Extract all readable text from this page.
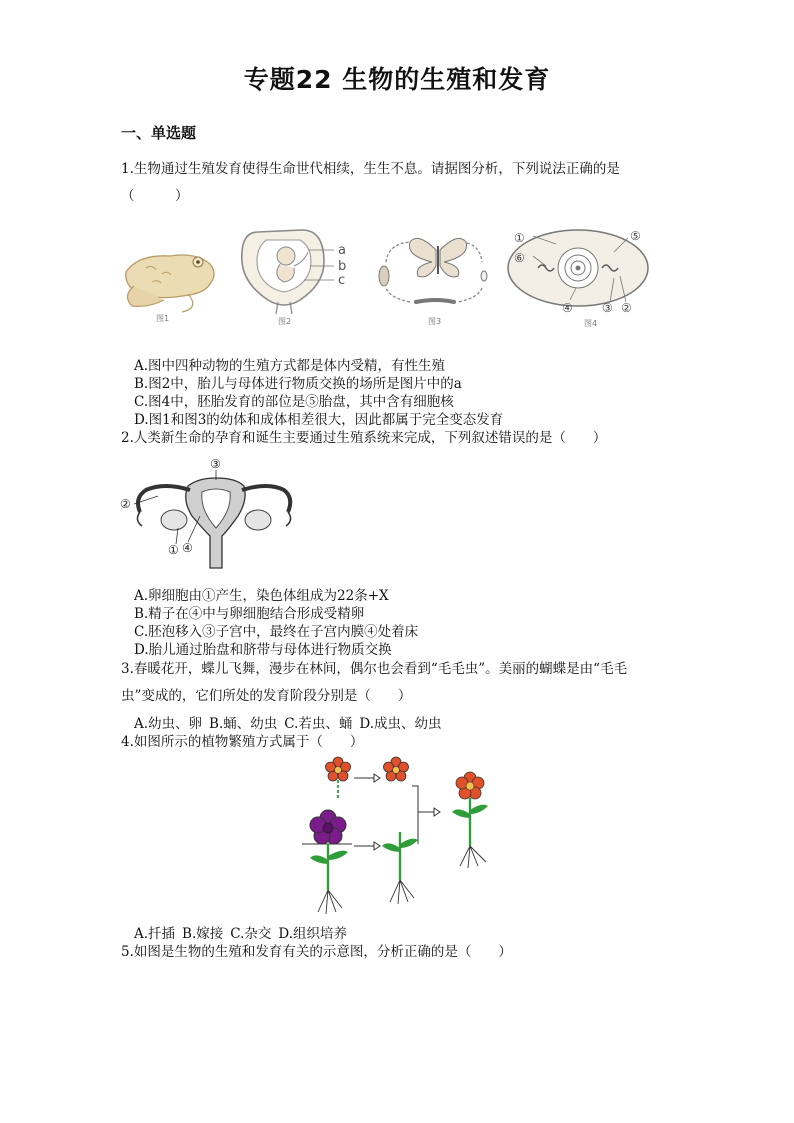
专题22 生物的生殖和发育
一、单选题
1.生物通过生殖发育使得生命世代相续，生生不息。请据图分析，下列说法正确的是
（　　　）
图1
a
b
c
图2	图3
①
⑥
④ ③ ②
⑤
图4
A.图中四种动物的生殖方式都是体内受精，有性生殖
B.图2中，胎儿与母体进行物质交换的场所是图片中的a
C.图4中，胚胎发育的部位是⑤胎盘，其中含有细胞核
D.图1和图3的幼体和成体相差很大，因此都属于完全变态发育
2.人类新生命的孕育和诞生主要通过生殖系统来完成，下列叙述错误的是（　　）
③
②
① ④
A.卵细胞由①产生，染色体组成为22条+X
B.精子在④中与卵细胞结合形成受精卵
C.胚泡移入③子宫中，最终在子宫内膜④处着床
D.胎儿通过胎盘和脐带与母体进行物质交换
3.春暖花开，蝶儿飞舞，漫步在林间，偶尔也会看到“毛毛虫”。美丽的蝴蝶是由“毛毛
虫”变成的，它们所处的发育阶段分别是（　　）
A.幼虫、卵 B.蛹、幼虫 C.若虫、蛹 D.成虫、幼虫
4.如图所示的植物繁殖方式属于（　　）
A.扦插 B.嫁接 C.杂交 D.组织培养
5.如图是生物的生殖和发育有关的示意图，分析正确的是（　　）
